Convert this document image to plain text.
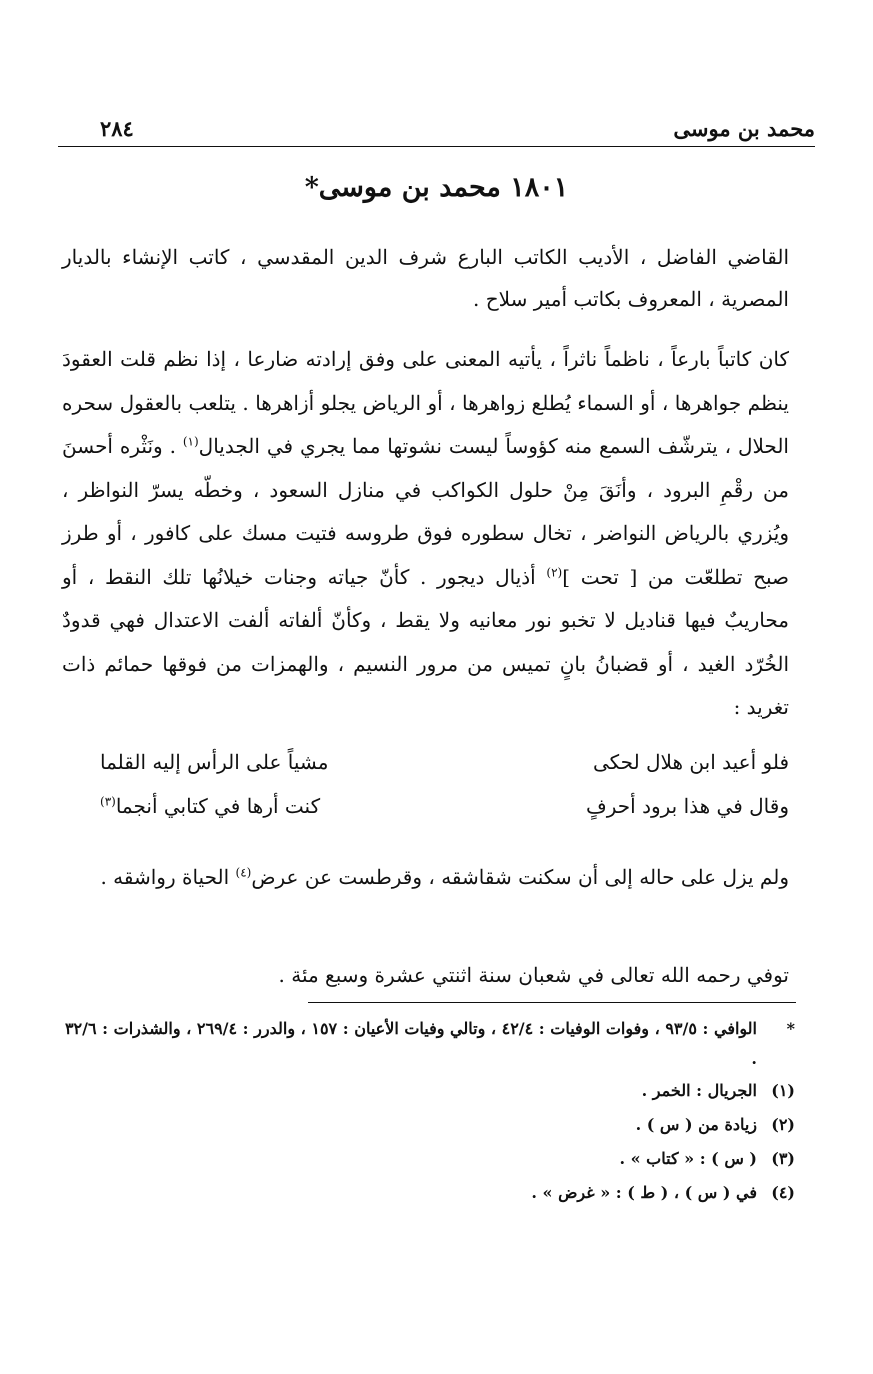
محمد بن موسى
٢٨٤
١٨٠١ محمد بن موسى*

القاضي الفاضل ، الأديب الكاتب البارع شرف الدين المقدسي ، كاتب الإنشاء بالديار المصرية ، المعروف بكاتب أمير سلاح .

كان كاتباً بارعاً ، ناظماً ناثراً ، يأتيه المعنى على وفق إرادته ضارعا ، إذا نظم قلت العقودَ ينظم جواهرها ، أو السماء يُطلع زواهرها ، أو الرياض يجلو أزاهرها . يتلعب بالعقول سحره الحلال ، يترشّف السمع منه كؤوساً ليست نشوتها مما يجري في الجديال$^{(١)}$ . ونَثْره أحسنَ من رقْمِ البرود ، وأنَقَ مِنْ حلول الكواكب في منازل السعود ، وخطّه يسرّ النواظر ، ويُزري بالرياض النواضر ، تخال سطوره فوق طروسه فتيت مسك على كافور ، أو طرز صبح تطلعّت من [ تحت ]$^{(٢)}$ أذيال ديجور . كأنّ جياته وجنات خيلانُها تلك النقط ، أو محاريبٌ فيها قناديل لا تخبو نور معانيه ولا يقط ، وكأنّ ألفاته ألفت الاعتدال فهي قدودٌ الخُرّد الغيد ، أو قضبانُ بانٍ تميس من مرور النسيم ، والهمزات من فوقها حمائم ذات تغريد :

فلو أعيد ابن هلال لحكى
مشياً على الرأس إليه القلما
وقال في هذا برود أحرفٍ
كنت أرها في كتابي أنجما$^{(٣)}$

ولم يزل على حاله إلى أن سكنت شقاشقه ، وقرطست عن عرض$^{(٤)}$ الحياة رواشقه .

توفي رحمه الله تعالى في شعبان سنة اثنتي عشرة وسبع مئة .
*
الوافي : ٩٣/٥ ، وفوات الوفيات : ٤٢/٤ ، وتالي وفيات الأعيان : ١٥٧ ، والدرر : ٢٦٩/٤ ، والشذرات : ٣٢/٦ .
(١)
الجريال : الخمر .
(٢)
زيادة من ( س ) .
(٣)
( س ) : « كتاب » .
(٤)
في ( س ) ، ( ط ) : « غرض » .
